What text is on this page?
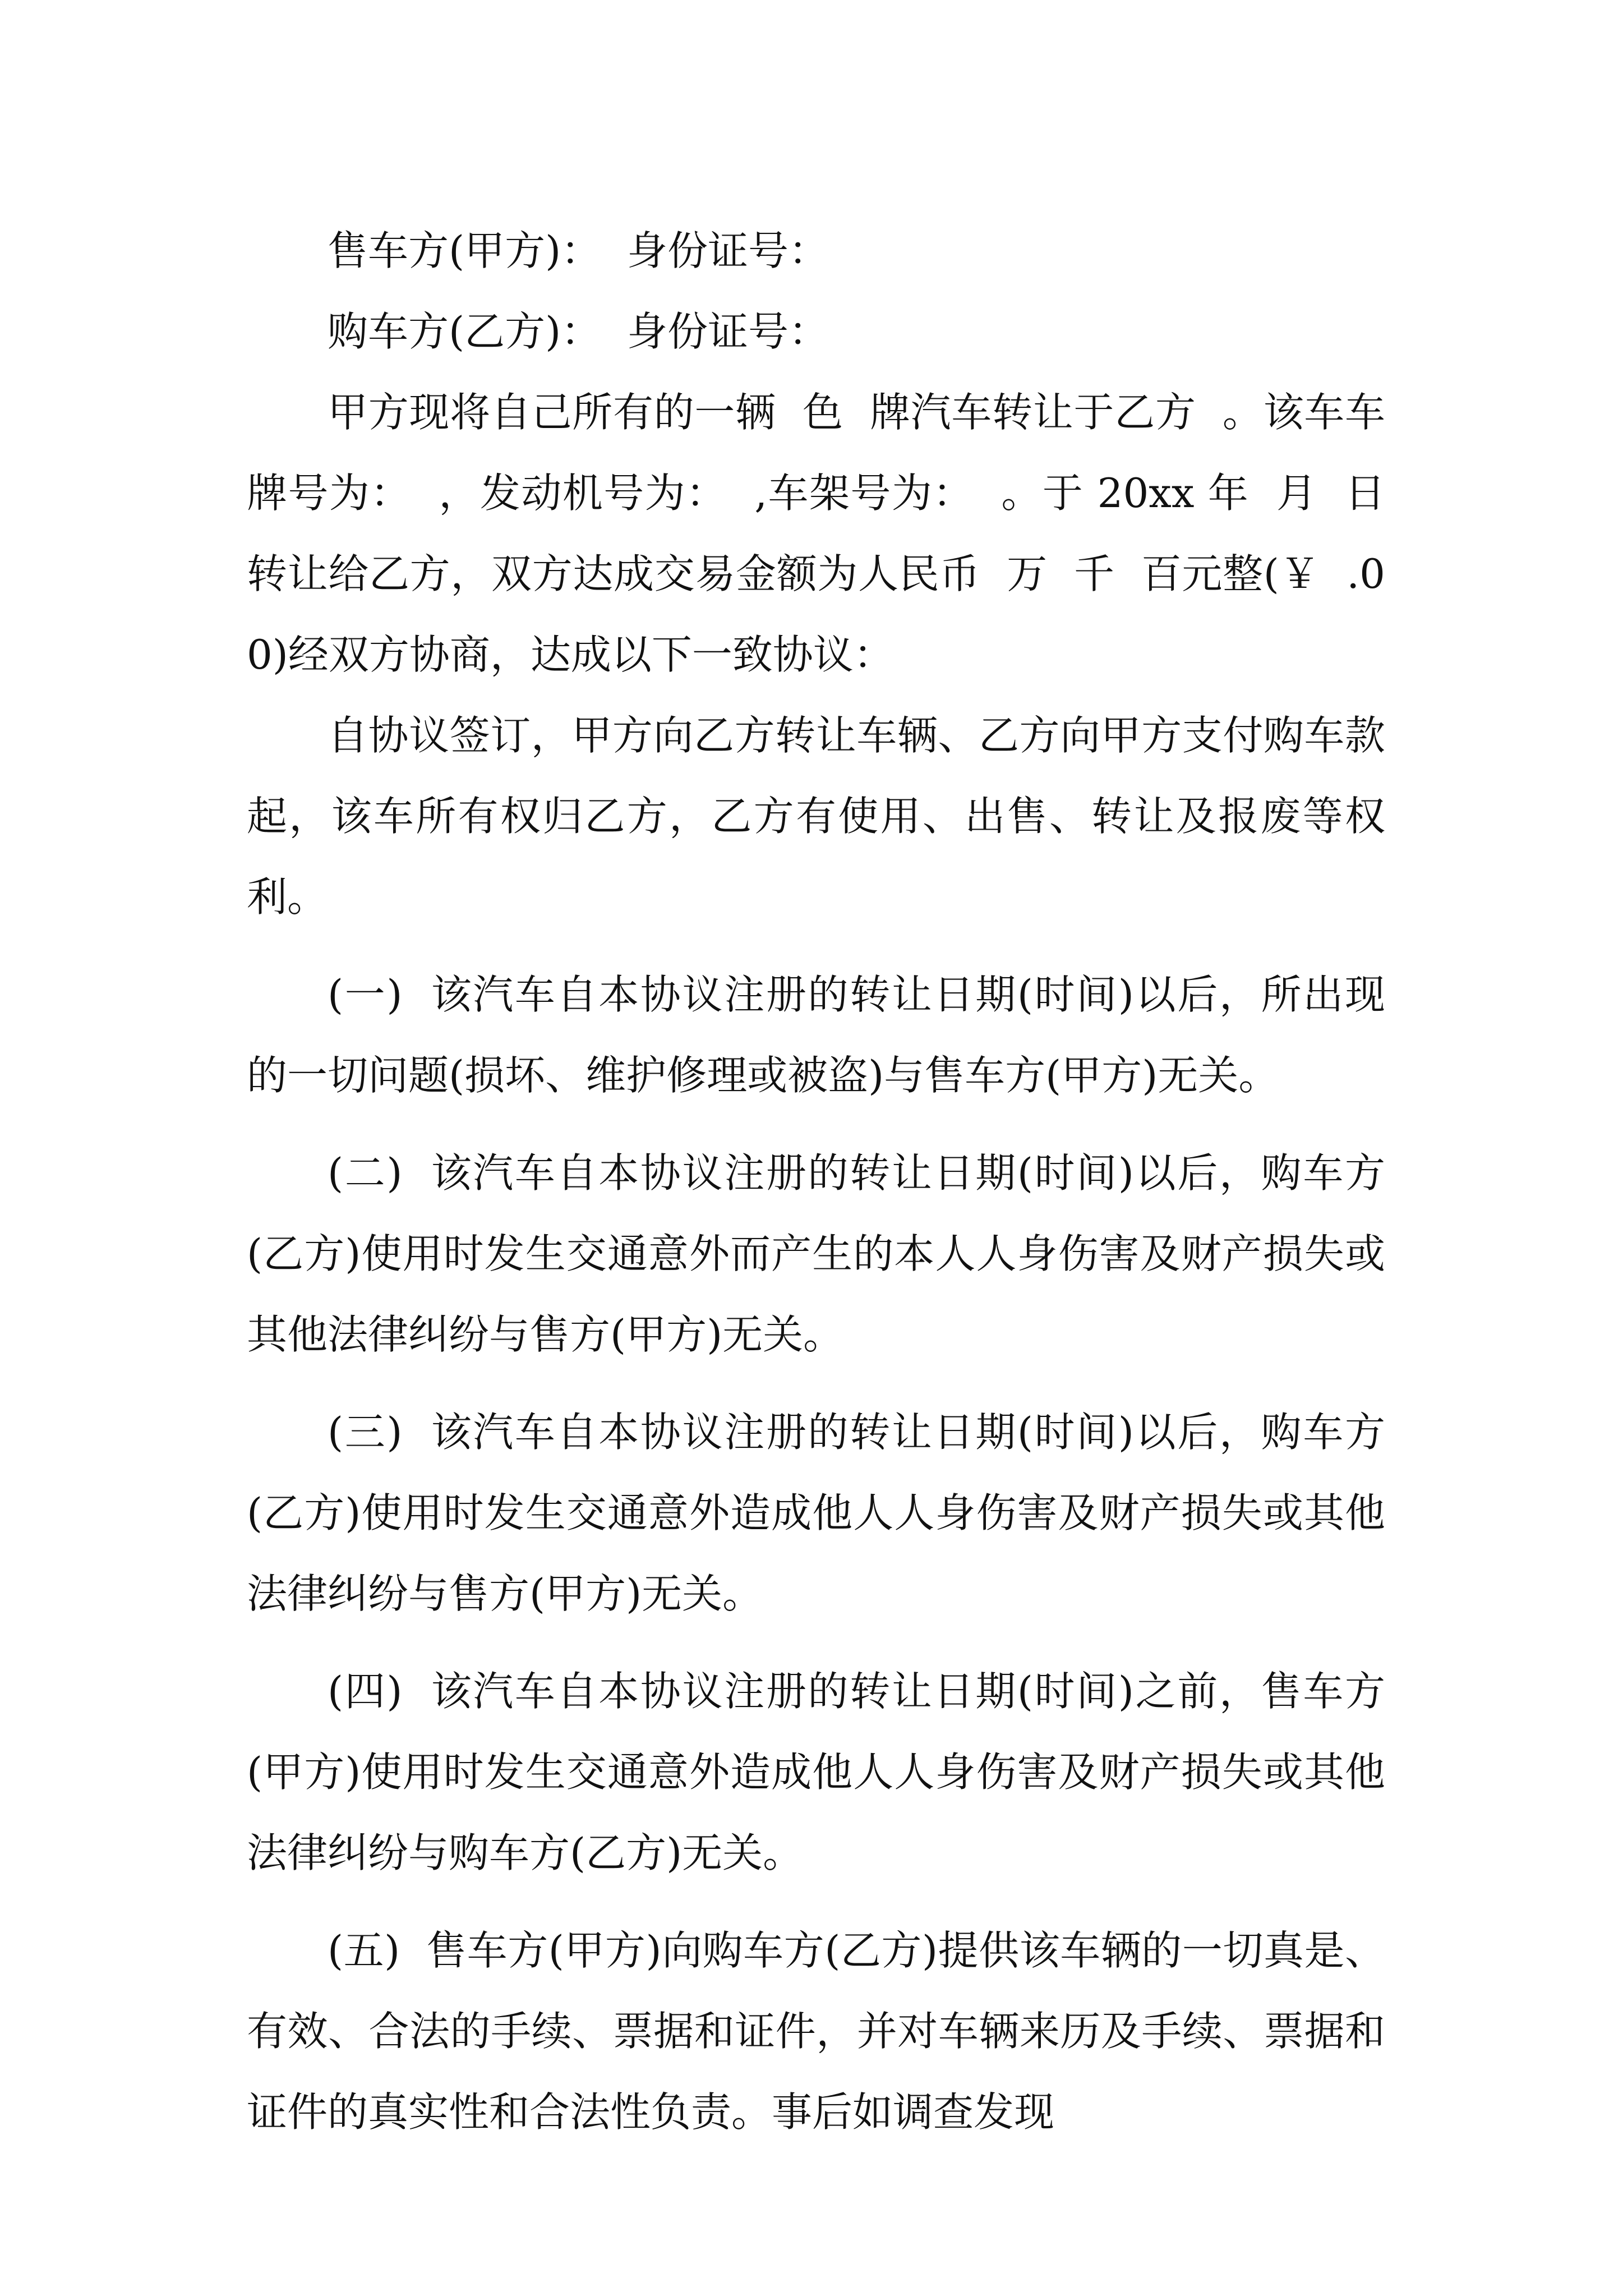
售车方(甲方)：  身份证号：

购车方(乙方)：  身份证号：

甲方现将自己所有的一辆  色  牌汽车转让于乙方  。该车车牌号为：  ，发动机号为：  ,车架号为：  。于 20xx 年  月  日转让给乙方，双方达成交易金额为人民币  万  千  百元整(￥  .00)经双方协商，达成以下一致协议：

自协议签订，甲方向乙方转让车辆、乙方向甲方支付购车款起，该车所有权归乙方，乙方有使用、出售、转让及报废等权利。

(一)  该汽车自本协议注册的转让日期(时间)以后，所出现的一切问题(损坏、维护修理或被盗)与售车方(甲方)无关。

(二)  该汽车自本协议注册的转让日期(时间)以后，购车方(乙方)使用时发生交通意外而产生的本人人身伤害及财产损失或其他法律纠纷与售方(甲方)无关。

(三)  该汽车自本协议注册的转让日期(时间)以后，购车方(乙方)使用时发生交通意外造成他人人身伤害及财产损失或其他法律纠纷与售方(甲方)无关。

(四)  该汽车自本协议注册的转让日期(时间)之前，售车方(甲方)使用时发生交通意外造成他人人身伤害及财产损失或其他法律纠纷与购车方(乙方)无关。

(五)  售车方(甲方)向购车方(乙方)提供该车辆的一切真是、有效、合法的手续、票据和证件，并对车辆来历及手续、票据和证件的真实性和合法性负责。事后如调查发现
